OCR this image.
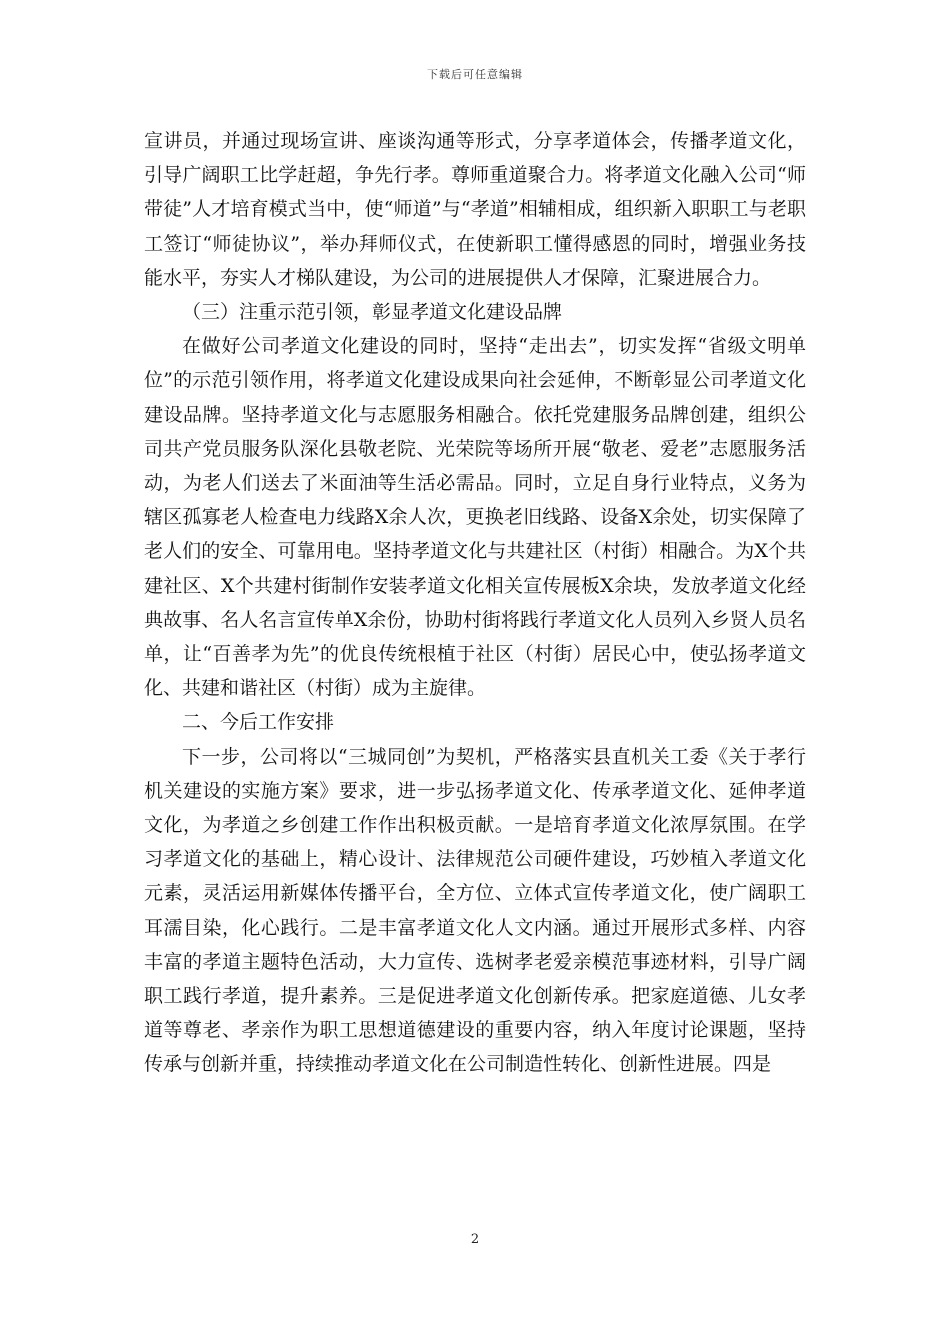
下载后可任意编辑

宣讲员，并通过现场宣讲、座谈沟通等形式，分享孝道体会，传播孝道文化，引导广阔职工比学赶超，争先行孝。尊师重道聚合力。将孝道文化融入公司“师带徒”人才培育模式当中，使“师道”与“孝道”相辅相成，组织新入职职工与老职工签订“师徒协议”，举办拜师仪式，在使新职工懂得感恩的同时，增强业务技能水平，夯实人才梯队建设，为公司的进展提供人才保障，汇聚进展合力。

（三）注重示范引领，彰显孝道文化建设品牌

在做好公司孝道文化建设的同时，坚持“走出去”，切实发挥“省级文明单位”的示范引领作用，将孝道文化建设成果向社会延伸，不断彰显公司孝道文化建设品牌。坚持孝道文化与志愿服务相融合。依托党建服务品牌创建，组织公司共产党员服务队深化县敬老院、光荣院等场所开展“敬老、爱老”志愿服务活动，为老人们送去了米面油等生活必需品。同时，立足自身行业特点，义务为辖区孤寡老人检查电力线路X余人次，更换老旧线路、设备X余处，切实保障了老人们的安全、可靠用电。坚持孝道文化与共建社区（村街）相融合。为X个共建社区、X个共建村街制作安装孝道文化相关宣传展板X余块，发放孝道文化经典故事、名人名言宣传单X余份，协助村街将践行孝道文化人员列入乡贤人员名单，让“百善孝为先”的优良传统根植于社区（村街）居民心中，使弘扬孝道文化、共建和谐社区（村街）成为主旋律。

二、今后工作安排

下一步，公司将以“三城同创”为契机，严格落实县直机关工委《关于孝行机关建设的实施方案》要求，进一步弘扬孝道文化、传承孝道文化、延伸孝道文化，为孝道之乡创建工作作出积极贡献。一是培育孝道文化浓厚氛围。在学习孝道文化的基础上，精心设计、法律规范公司硬件建设，巧妙植入孝道文化元素，灵活运用新媒体传播平台，全方位、立体式宣传孝道文化，使广阔职工耳濡目染，化心践行。二是丰富孝道文化人文内涵。通过开展形式多样、内容丰富的孝道主题特色活动，大力宣传、选树孝老爱亲模范事迹材料，引导广阔职工践行孝道，提升素养。三是促进孝道文化创新传承。把家庭道德、儿女孝道等尊老、孝亲作为职工思想道德建设的重要内容，纳入年度讨论课题，坚持传承与创新并重，持续推动孝道文化在公司制造性转化、创新性进展。四是

2
